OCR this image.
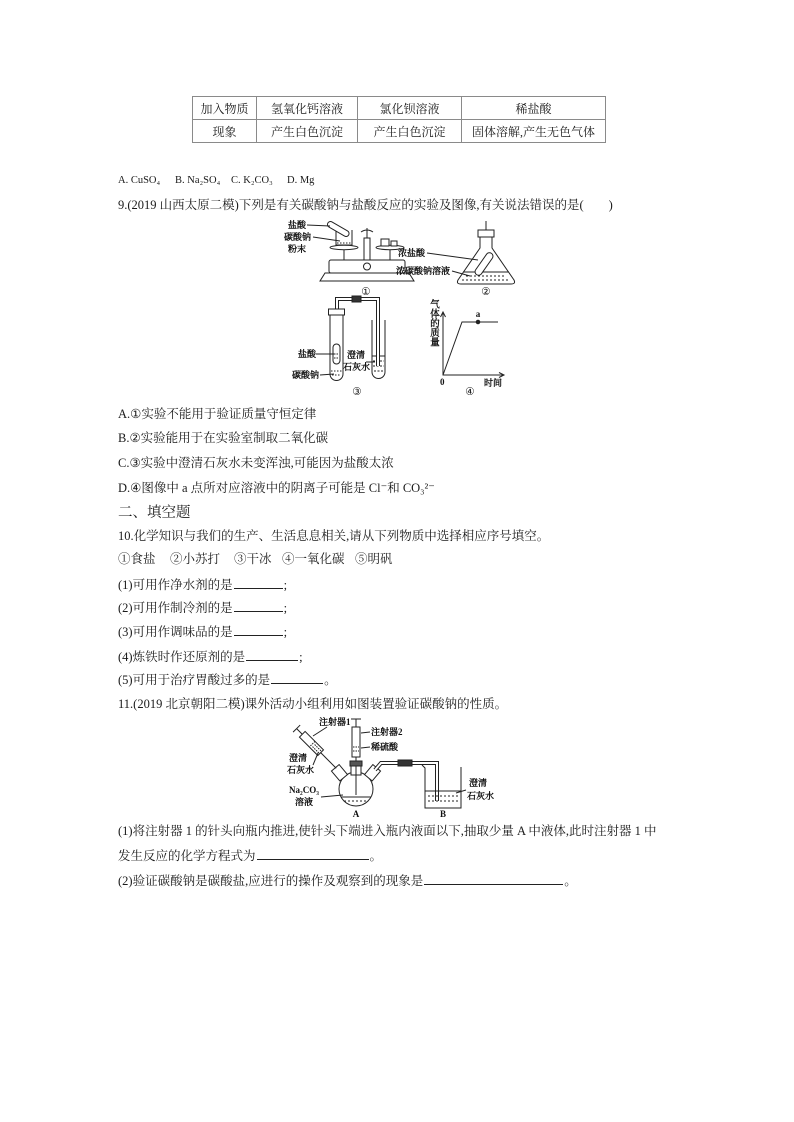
加入物质	氢氧化钙溶液	氯化钡溶液	稀盐酸
现象	产生白色沉淀	产生白色沉淀	固体溶解,产生无色气体
A. CuSO₄ B. Na₂SO₄ C. K₂CO₃ D. Mg
9.(2019 山西太原二模)下列是有关碳酸钠与盐酸反应的实验及图像,有关说法错误的是(　　)
盐酸
碳酸钠
粉末
①
浓盐酸
浓碳酸钠溶液
②
盐酸
碳酸钠
澄清
石灰水
③
a
0	时间
④
气体的质量
A.①实验不能用于验证质量守恒定律
B.②实验能用于在实验室制取二氧化碳
C.③实验中澄清石灰水未变浑浊,可能因为盐酸太浓
D.④图像中 a 点所对应溶液中的阴离子可能是 Cl⁻和 CO₃²⁻
二、填空题
10.化学知识与我们的生产、生活息息相关,请从下列物质中选择相应序号填空。
①食盐 ②小苏打 ③干冰 ④一氧化碳 ⑤明矾
(1)可用作净水剂的是	;
(2)可用作制冷剂的是	;
(3)可用作调味品的是	;
(4)炼铁时作还原剂的是	;
(5)可用于治疗胃酸过多的是	。
11.(2019 北京朝阳二模)课外活动小组利用如图装置验证碳酸钠的性质。
注射器1
注射器2
稀硫酸
澄清
石灰水
Na₂CO₃
溶液
A	B
澄清
石灰水
(1)将注射器 1 的针头向瓶内推进,使针头下端进入瓶内液面以下,抽取少量 A 中液体,此时注射器 1 中
发生反应的化学方程式为	。
(2)验证碳酸钠是碳酸盐,应进行的操作及观察到的现象是	。
